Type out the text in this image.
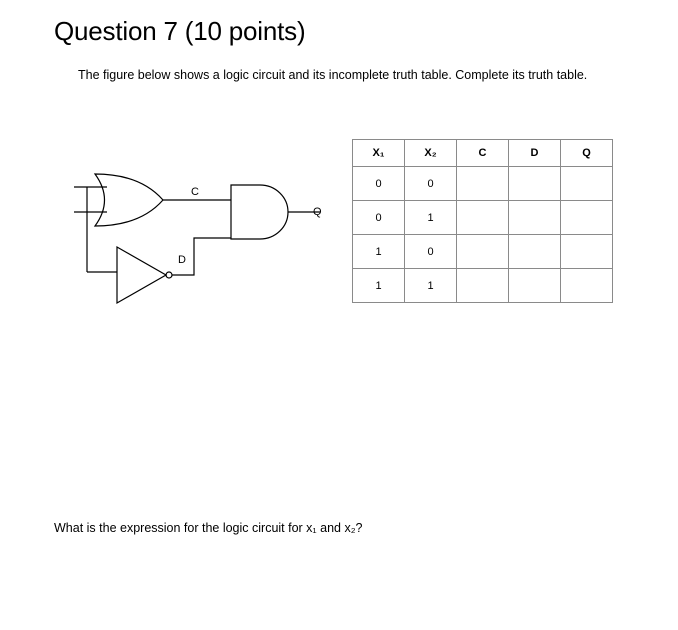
Question 7 (10 points)
The figure below shows a logic circuit and its incomplete truth table. Complete its truth table.
C
D
Q
X₁	X₂	C	D	Q
0	0			
0	1			
1	0			
1	1			
What is the expression for the logic circuit for x₁ and x₂?
